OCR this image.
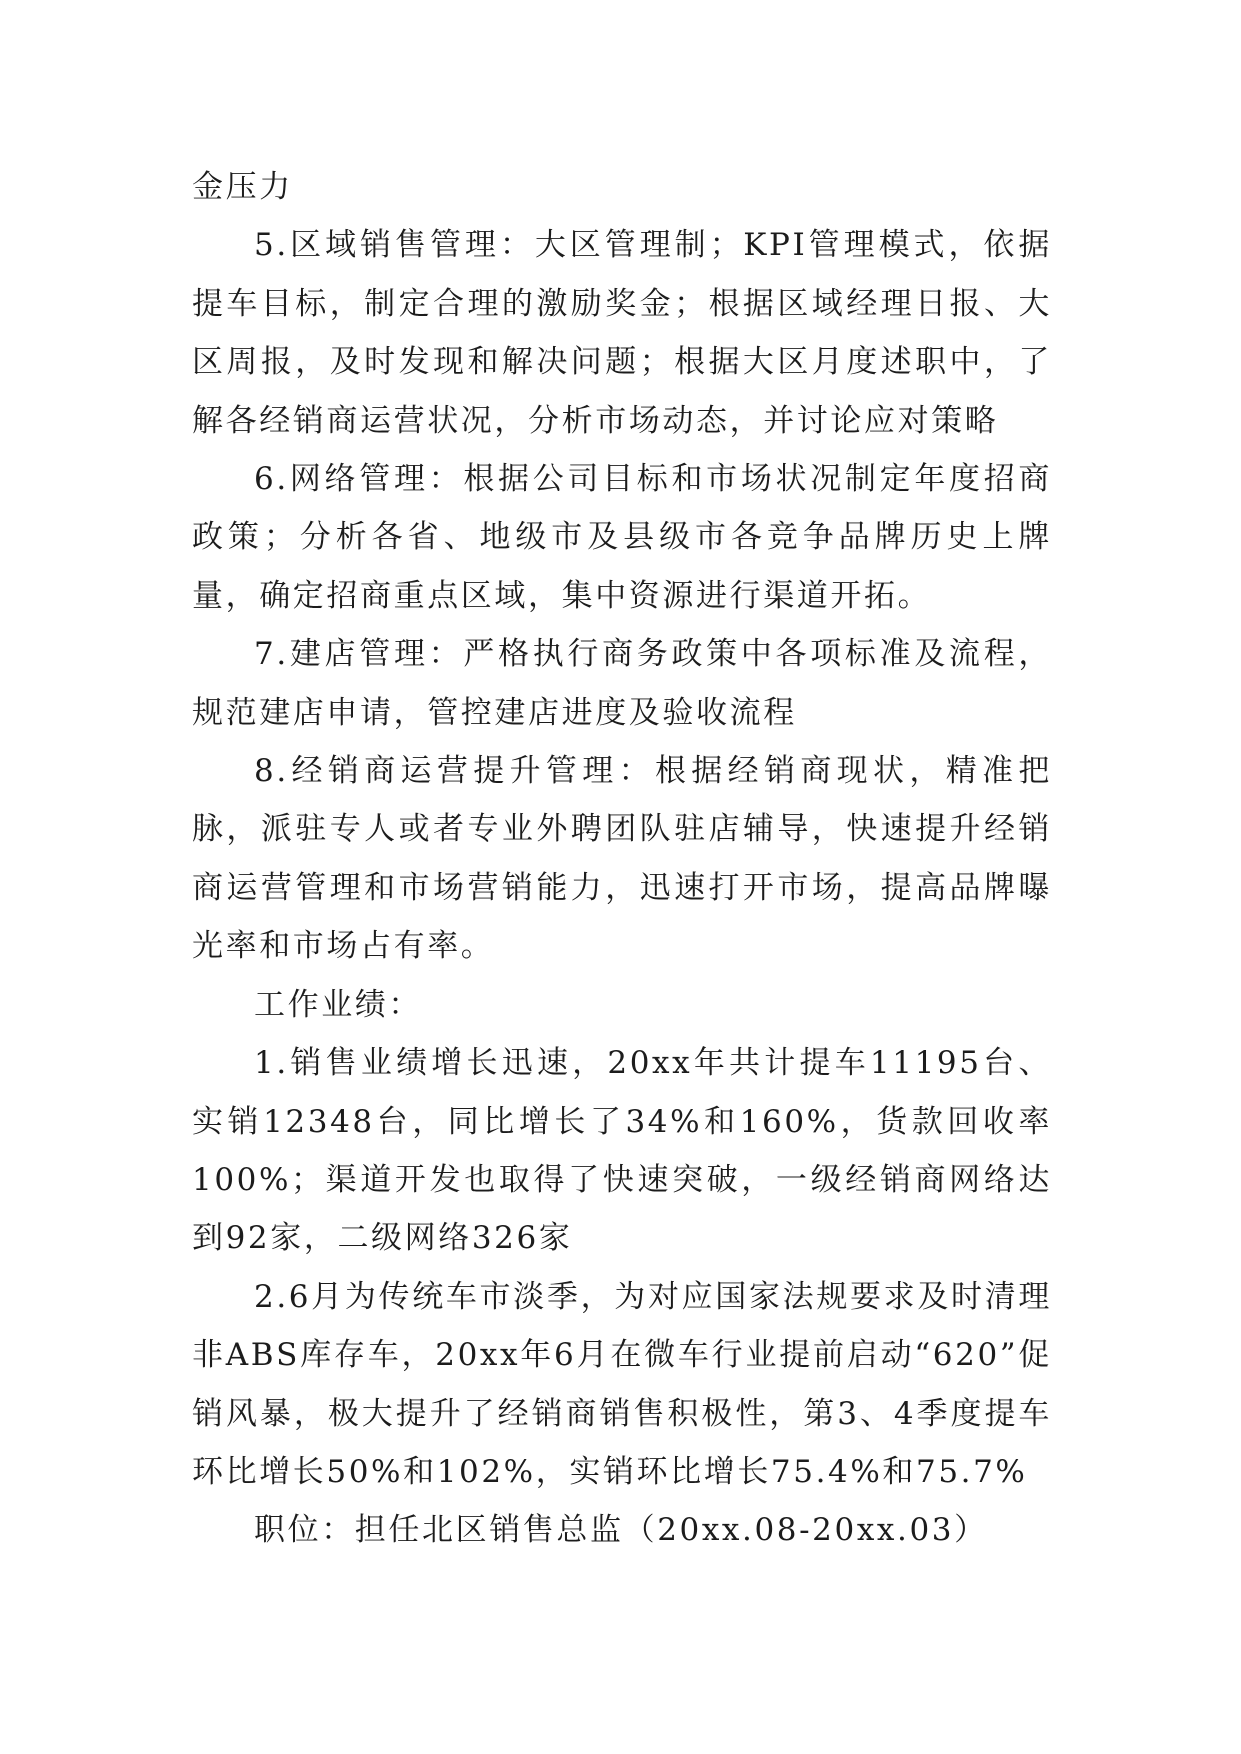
金压力

5.区域销售管理：大区管理制；KPI管理模式，依据提车目标，制定合理的激励奖金；根据区域经理日报、大区周报，及时发现和解决问题；根据大区月度述职中，了解各经销商运营状况，分析市场动态，并讨论应对策略

6.网络管理：根据公司目标和市场状况制定年度招商政策；分析各省、地级市及县级市各竞争品牌历史上牌量，确定招商重点区域，集中资源进行渠道开拓。

7.建店管理：严格执行商务政策中各项标准及流程，规范建店申请，管控建店进度及验收流程

8.经销商运营提升管理：根据经销商现状，精准把脉，派驻专人或者专业外聘团队驻店辅导，快速提升经销商运营管理和市场营销能力，迅速打开市场，提高品牌曝光率和市场占有率。

工作业绩：

1.销售业绩增长迅速，20xx年共计提车11195台、实销12348台，同比增长了34%和160%，货款回收率100%；渠道开发也取得了快速突破，一级经销商网络达到92家，二级网络326家

2.6月为传统车市淡季，为对应国家法规要求及时清理非ABS库存车，20xx年6月在微车行业提前启动“620”促销风暴，极大提升了经销商销售积极性，第3、4季度提车环比增长50%和102%，实销环比增长75.4%和75.7%

职位：担任北区销售总监（20xx.08-20xx.03）
